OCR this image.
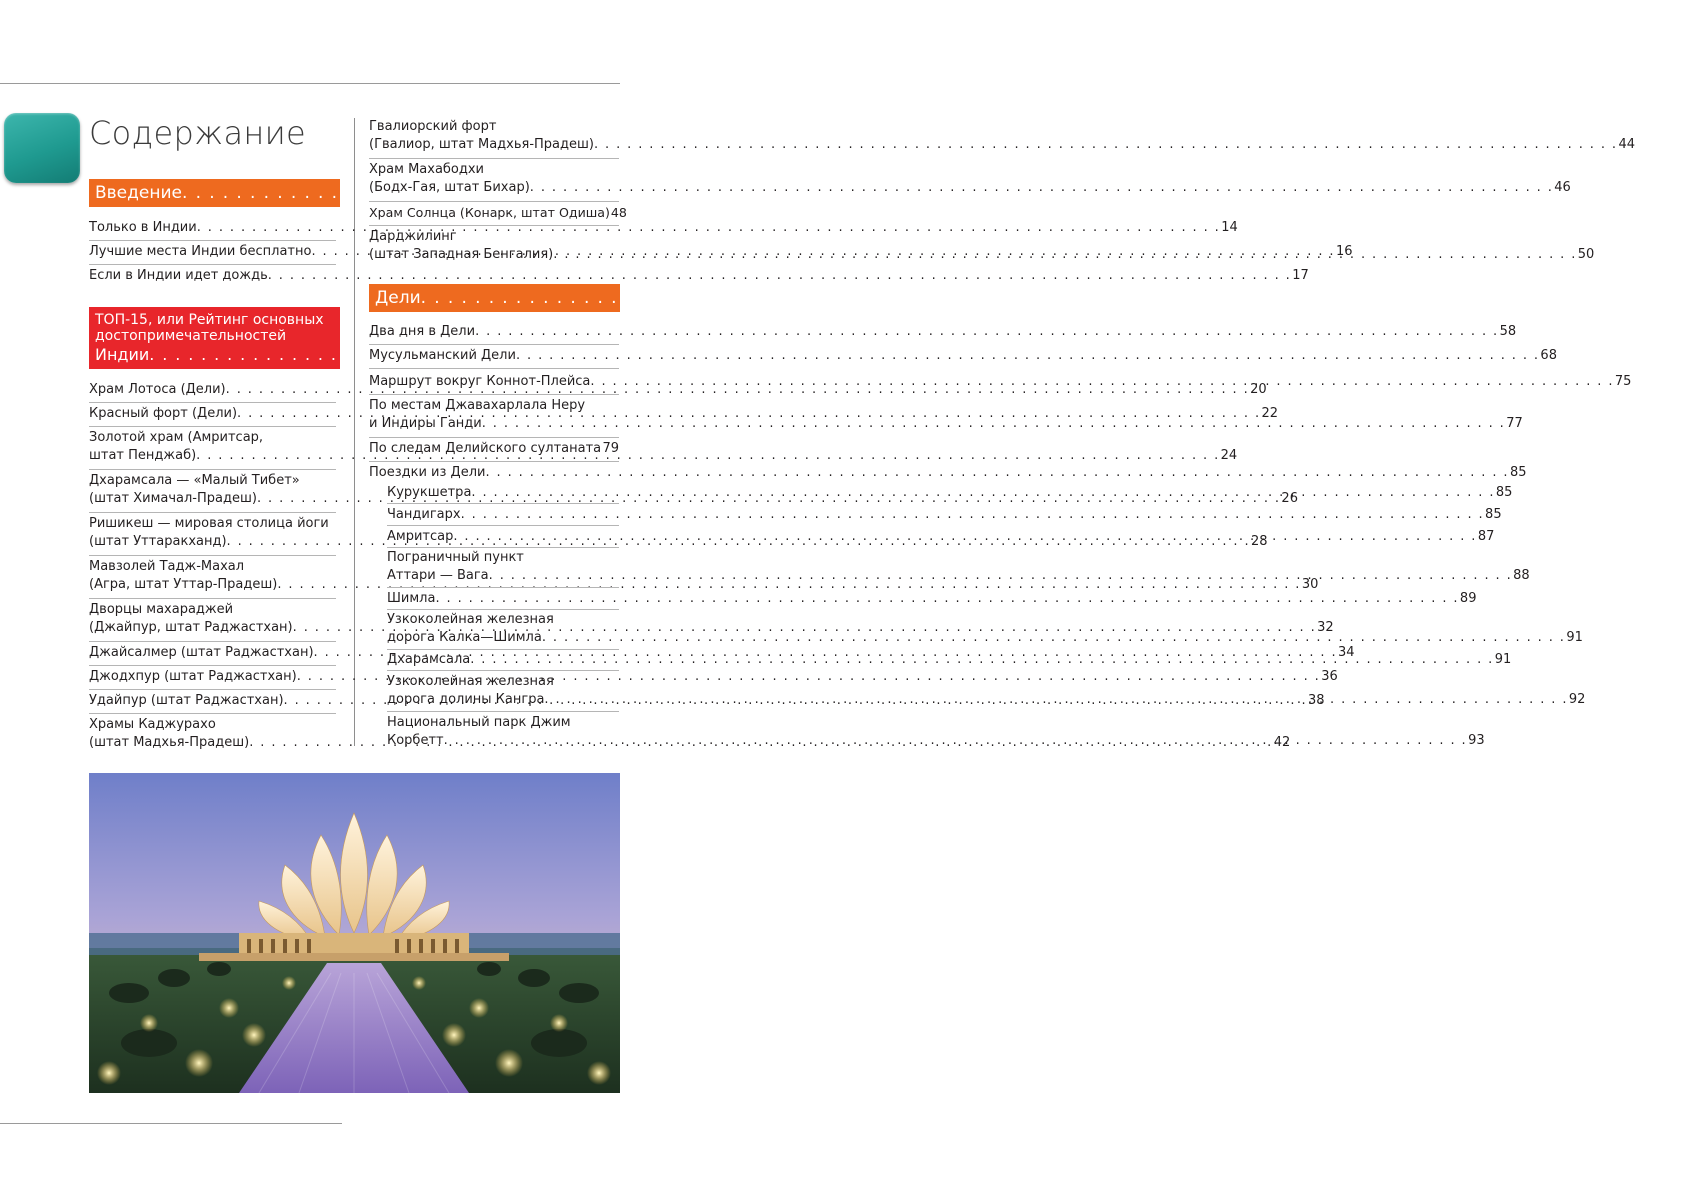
Содержание
Введение . . .	12
Только в Индии . . .	14
Лучшие места Индии бесплатно . . .	16
Если в Индии идет дождь . . .	17
ТОП-15, или Рейтинг основных
достопримечательностей
Индии . . .	19
Храм Лотоса (Дели) . . .	20
Красный форт (Дели) . . .	22
Золотой храм (Амритсар,
штат Пенджаб) . . .	24
Дхарамсала — «Малый Тибет»
(штат Химачал-Прадеш) . . .	26
Ришикеш — мировая столица йоги
(штат Уттаракханд) . . .	28
Мавзолей Тадж-Махал
(Агра, штат Уттар-Прадеш) . . .	30
Дворцы махараджей
(Джайпур, штат Раджастхан) . . .	32
Джайсалмер (штат Раджастхан) . . .	34
Джодхпур (штат Раджастхан) . . .	36
Удайпур (штат Раджастхан) . . .	38
Храмы Каджурахо
(штат Мадхья-Прадеш) . . .	42
Гвалиорский форт
(Гвалиор, штат Мадхья-Прадеш) . . .	44
Храм Махабодхи
(Бодх-Гая, штат Бихар) . . .	46
Храм Солнца (Конарк, штат Одиша) 48
Дарджилинг
(штат Западная Бенгалия) . . .	50
Дели . . .	55
Два дня в Дели . . .	58
Мусульманский Дели . . .	68
Маршрут вокруг Коннот-Плейса . . .	75
По местам Джавахарлала Неру
и Индиры Ганди . . .	77
По следам Делийского султаната . . . 79
Поездки из Дели . . .	85
Курукшетра . . .	85
Чандигарх . . .	85
Амритсар . . .	87
Пограничный пункт
Аттари — Вага . . .	88
Шимла . . .	89
Узкоколейная железная
дорога Калка—Шимла . . .	91
Дхарамсала . . .	91
Узкоколейная железная
дорога долины Кангра . . .	92
Национальный парк Джим
Корбетт . . .	93
